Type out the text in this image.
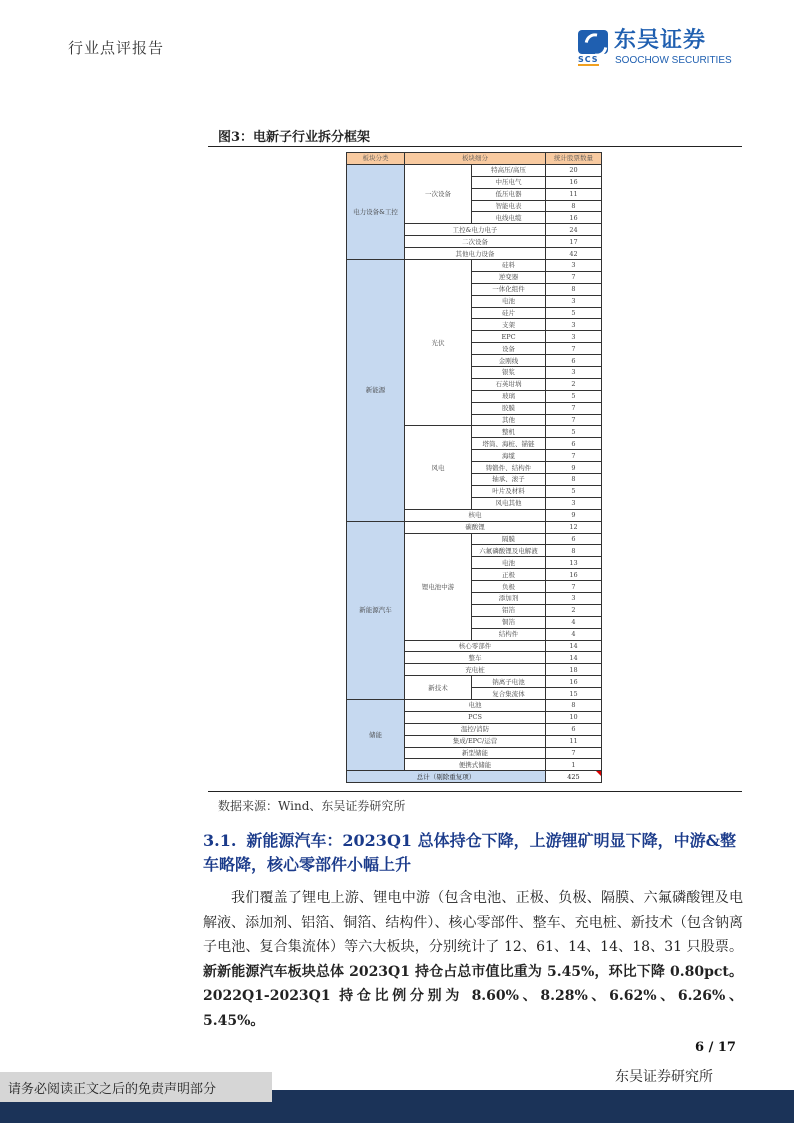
行业点评报告
SCS
东吴证券
SOOCHOW SECURITIES
图3：电新子行业拆分框架
板块分类	板块细分		统计股票数量
电力设备&工控	一次设备	特高压/高压	20
		中压电气	16
		低压电器	11
		智能电表	8
		电线电缆	16
	工控&电力电子		24
	二次设备		17
	其他电力设备		42
新能源	光伏	硅料	3
		逆变器	7
		一体化组件	8
		电池	3
		硅片	5
		支架	3
		EPC	3
		设备	7
		金刚线	6
		银浆	3
		石英坩埚	2
		玻璃	5
		胶膜	7
		其他	7
	风电	整机	5
		塔筒、海桩、锚链	6
		海缆	7
		铸锻件、结构件	9
		轴承、滚子	8
		叶片及材料	5
		风电其他	3
	核电		9
新能源汽车	碳酸锂		12
	锂电池中游	隔膜	6
		六氟磷酸锂及电解液	8
		电池	13
		正极	16
		负极	7
		添加剂	3
		铝箔	2
		铜箔	4
		结构件	4
	核心零部件		14
	整车		14
	充电桩		18
	新技术	钠离子电池	16
		复合集流体	15
储能	电池		8
	PCS		10
	温控/消防		6
	集成/EPC/运营		11
	新型储能		7
	便携式储能		1
总计（剔除重复项）			425
数据来源：Wind、东吴证券研究所
3.1. 新能源汽车：2023Q1 总体持仓下降，上游锂矿明显下降，中游&整车略降，核心零部件小幅上升
我们覆盖了锂电上游、锂电中游（包含电池、正极、负极、隔膜、六氟磷酸锂及电解液、添加剂、铝箔、铜箔、结构件）、核心零部件、整车、充电桩、新技术（包含钠离子电池、复合集流体）等六大板块，分别统计了 12、61、14、14、18、31 只股票。新新能源汽车板块总体 2023Q1 持仓占总市值比重为 5.45%，环比下降 0.80pct。2022Q1-2023Q1 持仓比例分别为 8.60%、8.28%、6.62%、6.26%、5.45%。
6 / 17
东吴证券研究所
请务必阅读正文之后的免责声明部分
